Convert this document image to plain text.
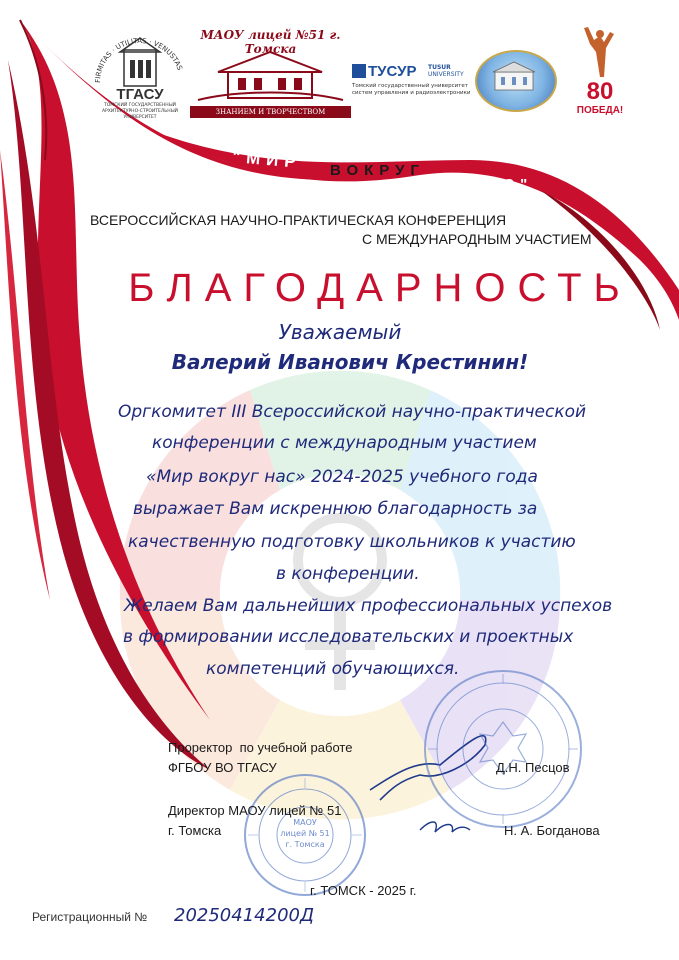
FIRMITAS · UTILITAS · VENUSTAS
ТГАСУ
ТОМСКИЙ ГОСУДАРСТВЕННЫЙ
АРХИТЕКТУРНО-СТРОИТЕЛЬНЫЙ
УНИВЕРСИТЕТ
МАОУ лицей №51 г. Томска
ЗНАНИЕМ И ТВОРЧЕСТВОМ
ТУСУР TUSUR
UNIVERSITY
Томский государственный университет
систем управления и радиоэлектроники	80
ПОБЕДА!
"МИР ВОКРУГ
НАС"
ВСЕРОССИЙСКАЯ НАУЧНО-ПРАКТИЧЕСКАЯ КОНФЕРЕНЦИЯ
С МЕЖДУНАРОДНЫМ УЧАСТИЕМ
БЛАГОДАРНОСТЬ
Уважаемый
Валерий Иванович Крестинин!
Оргкомитет III Всероссийской научно-практической
конференции с международным участием
«Мир вокруг нас» 2024-2025 учебного года
выражает Вам искреннюю благодарность за
качественную подготовку школьников к участию
в конференции.
Желаем Вам дальнейших профессиональных успехов
в формировании исследовательских и проектных
компетенций обучающихся.
МАОУ
лицей № 51
г. Томска
Проректор  по учебной работе
ФГБОУ ВО ТГАСУ	Д.Н. Песцов
Директор МАОУ лицей № 51
г. Томска	Н. А. Богданова
г. ТОМСК - 2025 г.
Регистрационный № 20250414200Д
